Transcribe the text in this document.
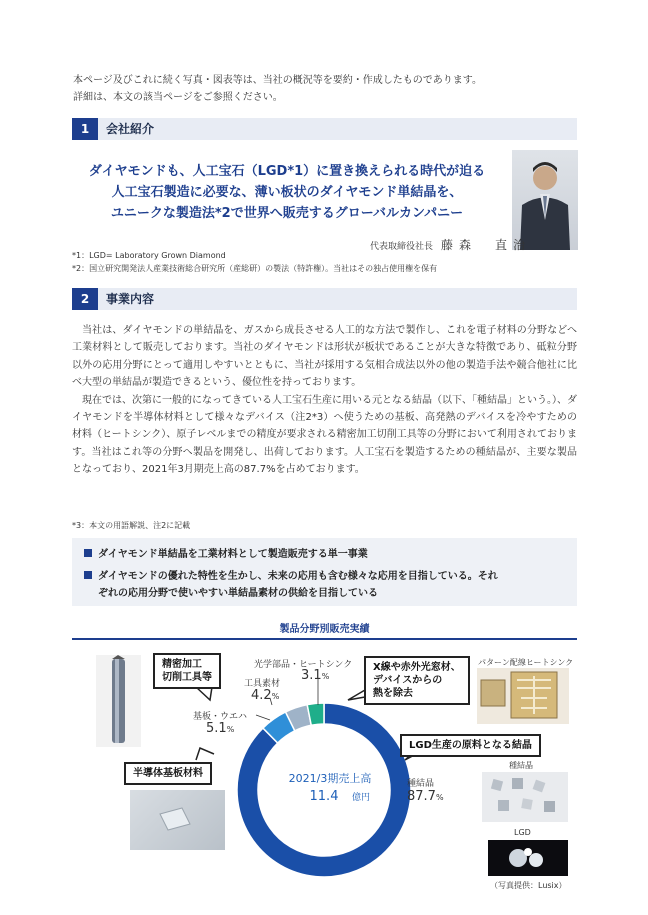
本ページ及びこれに続く写真・図表等は、当社の概況等を要約・作成したものであります。
詳細は、本文の該当ページをご参照ください。
1	会社紹介
ダイヤモンドも、人工宝石（LGD*1）に置き換えられる時代が迫る
人工宝石製造に必要な、薄い板状のダイヤモンド単結晶を、
ユニークな製造法*2で世界へ販売するグローバルカンパニー
代表取締役社長 藤森　直治
*1：LGD= Laboratory Grown Diamond
*2：国立研究開発法人産業技術総合研究所（産総研）の製法（特許権）。当社はその独占使用権を保有
2	事業内容

当社は、ダイヤモンドの単結晶を、ガスから成長させる人工的な方法で製作し、これを電子材料の分野などへ工業材料として販売しております。当社のダイヤモンドは形状が板状であることが大きな特徴であり、砥粒分野以外の応用分野にとって適用しやすいとともに、当社が採用する気相合成法以外の他の製造手法や競合他社に比べ大型の単結晶が製造できるという、優位性を持っております。

現在では、次第に一般的になってきている人工宝石生産に用いる元となる結晶（以下、「種結晶」という。）、ダイヤモンドを半導体材料として様々なデバイス（注2*3）へ使うための基板、高発熱のデバイスを冷やすための材料（ヒートシンク）、原子レベルまでの精度が要求される精密加工切削工具等の分野において利用されております。当社はこれ等の分野へ製品を開発し、出荷しております。人工宝石を製造するための種結晶が、主要な製品となっており、2021年3月期売上高の87.7%を占めております。

*3：本文の用語解説、注2に記載
ダイヤモンド単結晶を工業材料として製造販売する単一事業
ダイヤモンドの優れた特性を生かし、未来の応用も含む様々な応用を目指している。それ
ぞれの応用分野で使いやすい単結晶素材の供給を目指している
製品分野別販売実績
2021/3期売上高
11.4 億円
光学部品・ヒートシンク
3.1%
工具素材
4.2%
基板・ウエハ
5.1%
種結晶
87.7%
精密加工
切削工具等
半導体基板材料
X線や赤外光窓材、
デバイスからの
熱を除去
LGD生産の原料となる結晶
パターン配線ヒートシンク
種結晶
LGD
（写真提供：Lusix）
